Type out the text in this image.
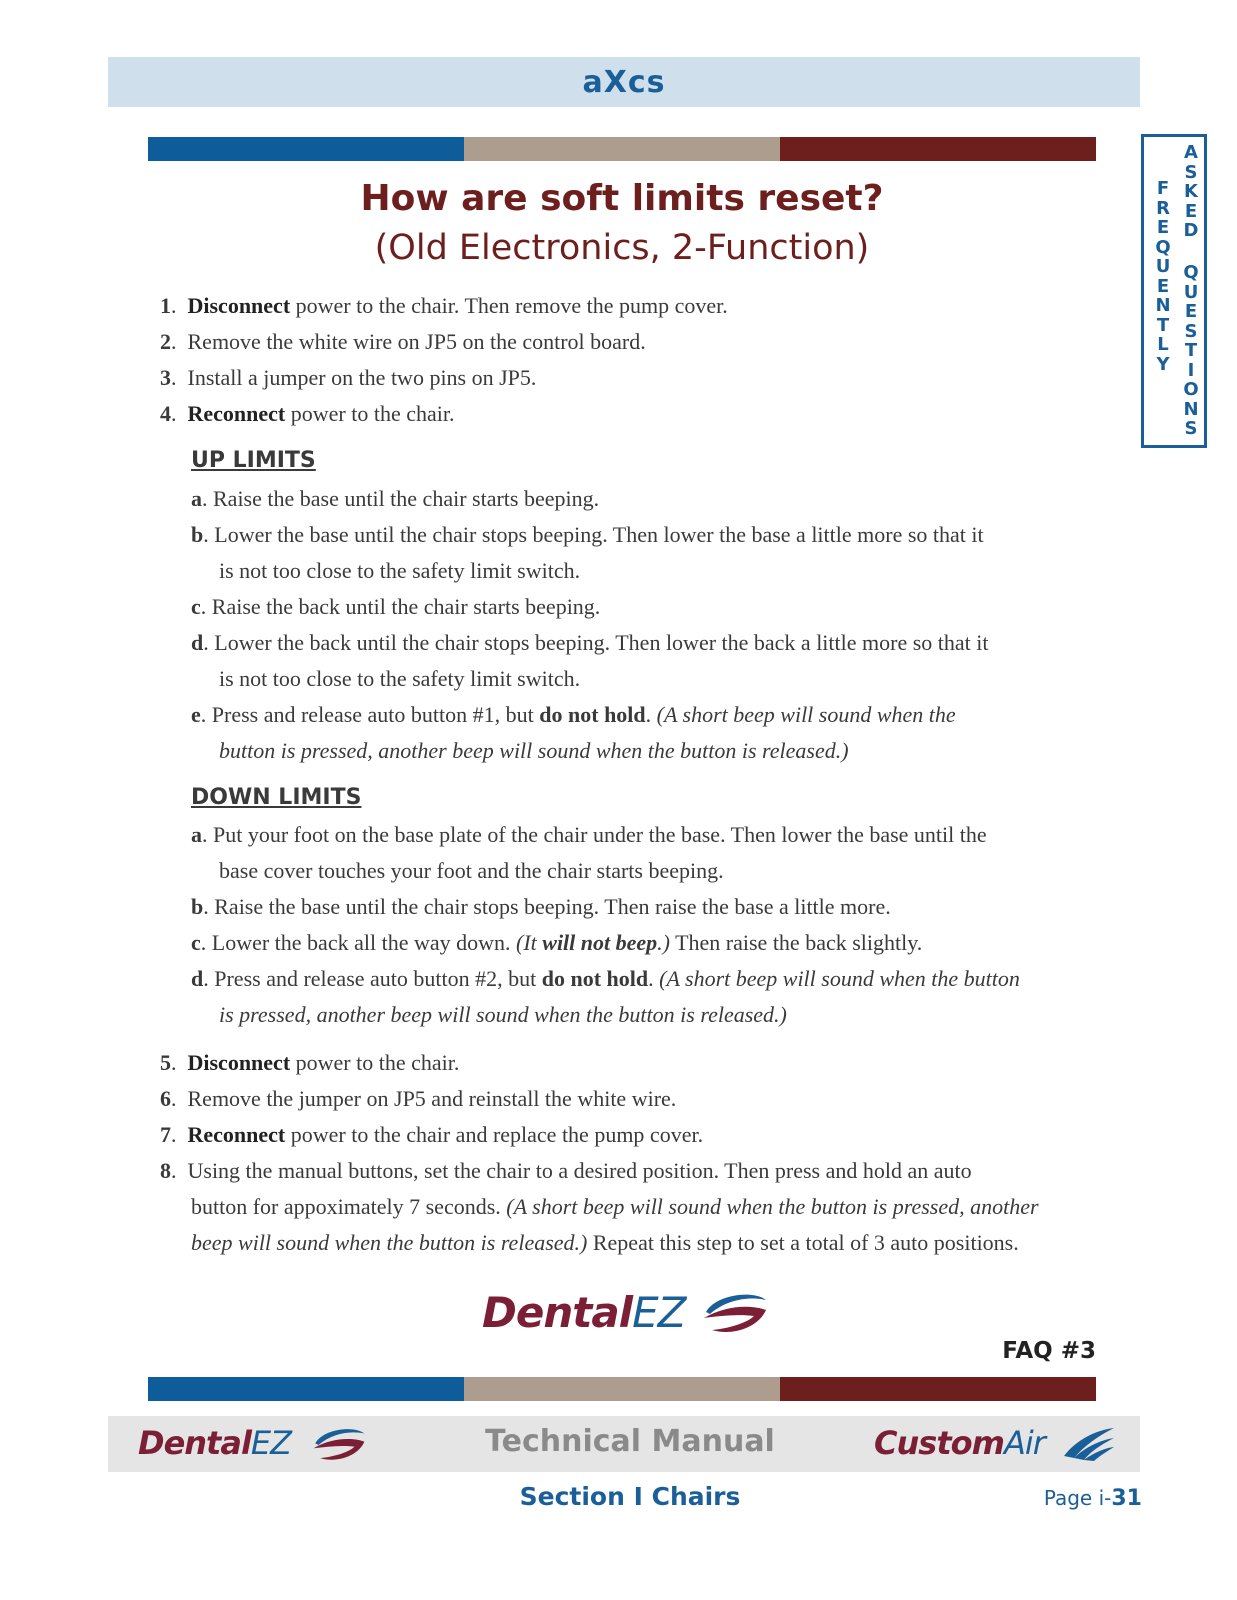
aXcs
F
R
E
Q
U
E
N
T
L
Y
A
S
K
E
D
Q
U
E
S
T
I
O
N
S
How are soft limits reset?
(Old Electronics, 2-Function)
1.  Disconnect power to the chair. Then remove the pump cover.
2.  Remove the white wire on JP5 on the control board.
3.  Install a jumper on the two pins on JP5.
4.  Reconnect power to the chair.
UP LIMITS
a. Raise the base until the chair starts beeping.
b. Lower the base until the chair stops beeping. Then lower the base a little more so that it
is not too close to the safety limit switch.
c. Raise the back until the chair starts beeping.
d. Lower the back until the chair stops beeping. Then lower the back a little more so that it
is not too close to the safety limit switch.
e. Press and release auto button #1, but do not hold. (A short beep will sound when the
button is pressed, another beep will sound when the button is released.)
DOWN LIMITS
a. Put your foot on the base plate of the chair under the base. Then lower the base until the
base cover touches your foot and the chair starts beeping.
b. Raise the base until the chair stops beeping. Then raise the base a little more.
c. Lower the back all the way down. (It will not beep.) Then raise the back slightly.
d. Press and release auto button #2, but do not hold. (A short beep will sound when the button
is pressed, another beep will sound when the button is released.)
5.  Disconnect power to the chair.
6.  Remove the jumper on JP5 and reinstall the white wire.
7.  Reconnect power to the chair and replace the pump cover.
8.  Using the manual buttons, set the chair to a desired position. Then press and hold an auto
button for appoximately 7 seconds. (A short beep will sound when the button is pressed, another
beep will sound when the button is released.) Repeat this step to set a total of 3 auto positions.
DentalEZ
FAQ #3
DentalEZ	Technical Manual	CustomAir
Section I Chairs	Page i-31
